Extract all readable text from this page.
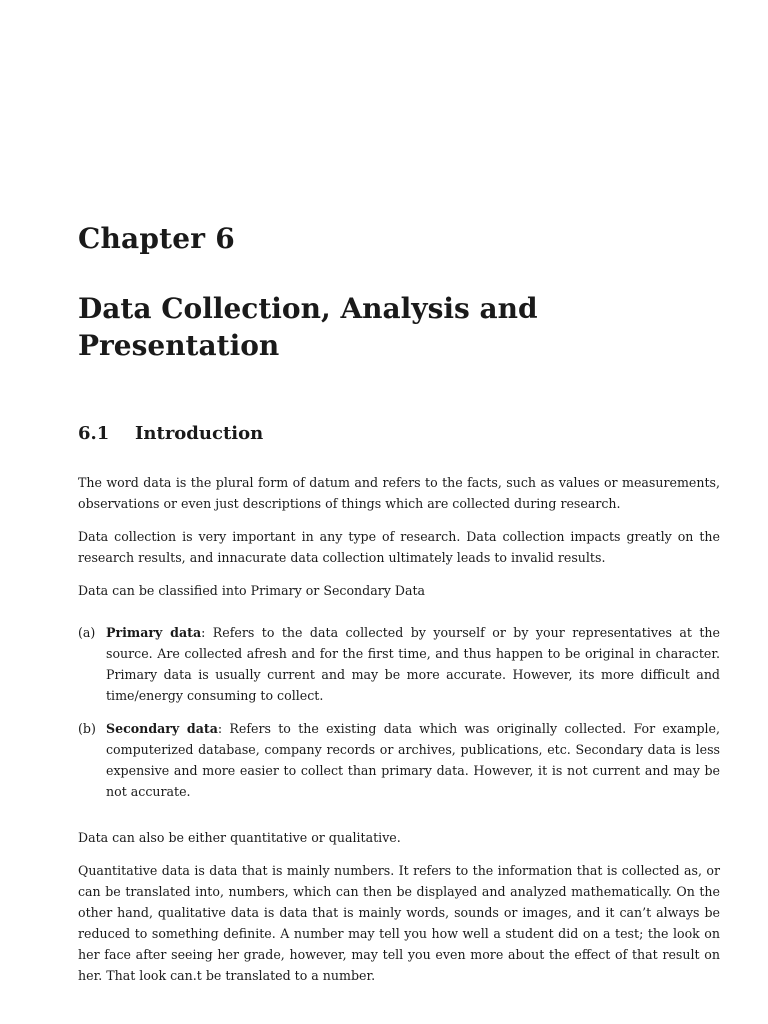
Chapter 6
Data Collection, Analysis and Presentation
6.1 Introduction

The word data is the plural form of datum and refers to the facts, such as values or measurements, observations or even just descriptions of things which are collected during research.

Data collection is very important in any type of research. Data collection impacts greatly on the research results, and innacurate data collection ultimately leads to invalid results.

Data can be classified into Primary or Secondary Data

(a) Primary data: Refers to the data collected by yourself or by your representatives at the source. Are collected afresh and for the first time, and thus happen to be original in character. Primary data is usually current and may be more accurate. However, its more difficult and time/energy consuming to collect.
(b) Secondary data: Refers to the existing data which was originally collected. For example, computerized database, company records or archives, publications, etc. Secondary data is less expensive and more easier to collect than primary data. However, it is not current and may be not accurate.

Data can also be either quantitative or qualitative.

Quantitative data is data that is mainly numbers. It refers to the information that is collected as, or can be translated into, numbers, which can then be displayed and analyzed mathematically. On the other hand, qualitative data is data that is mainly words, sounds or images, and it can’t always be reduced to something definite. A number may tell you how well a student did on a test; the look on her face after seeing her grade, however, may tell you even more about the effect of that result on her. That look can.t be translated to a number.
